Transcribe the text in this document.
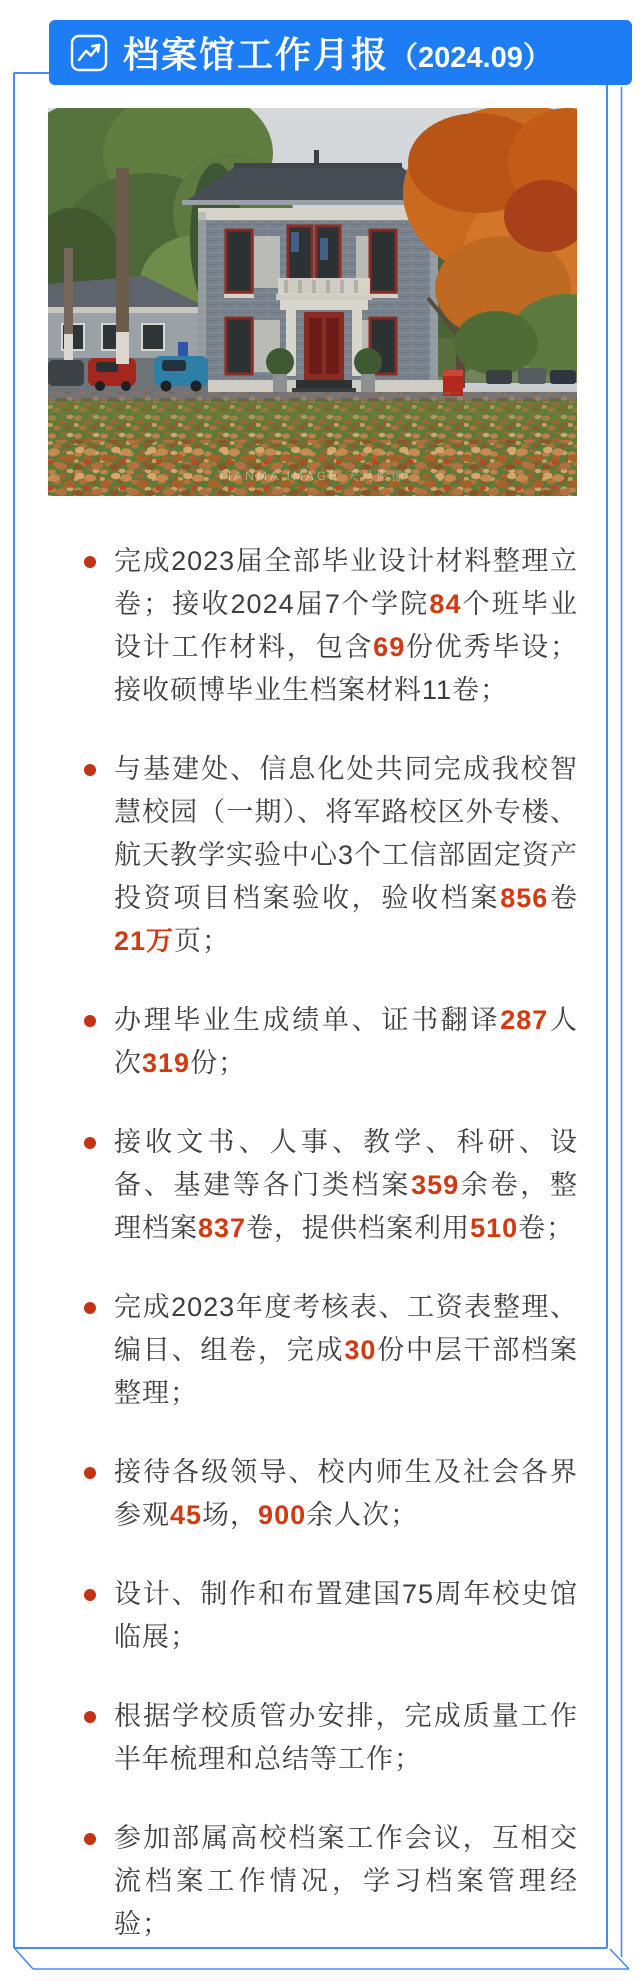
档案馆工作月报（2024.09）
TIANMA IMAGE 天马影像

完成2023届全部毕业设计材料整理立卷；接收2024届7个学院84个班毕业设计工作材料，包含69份优秀毕设；接收硕博毕业生档案材料11卷；

与基建处、信息化处共同完成我校智慧校园（一期）、将军路校区外专楼、航天教学实验中心3个工信部固定资产投资项目档案验收，验收档案856卷21万页；

办理毕业生成绩单、证书翻译287人次319份；

接收文书、人事、教学、科研、设备、基建等各门类档案359余卷，整理档案837卷，提供档案利用510卷；

完成2023年度考核表、工资表整理、编目、组卷，完成30份中层干部档案整理；

接待各级领导、校内师生及社会各界参观45场，900余人次；

设计、制作和布置建国75周年校史馆临展；

根据学校质管办安排，完成质量工作半年梳理和总结等工作；

参加部属高校档案工作会议，互相交流档案工作情况，学习档案管理经验；
